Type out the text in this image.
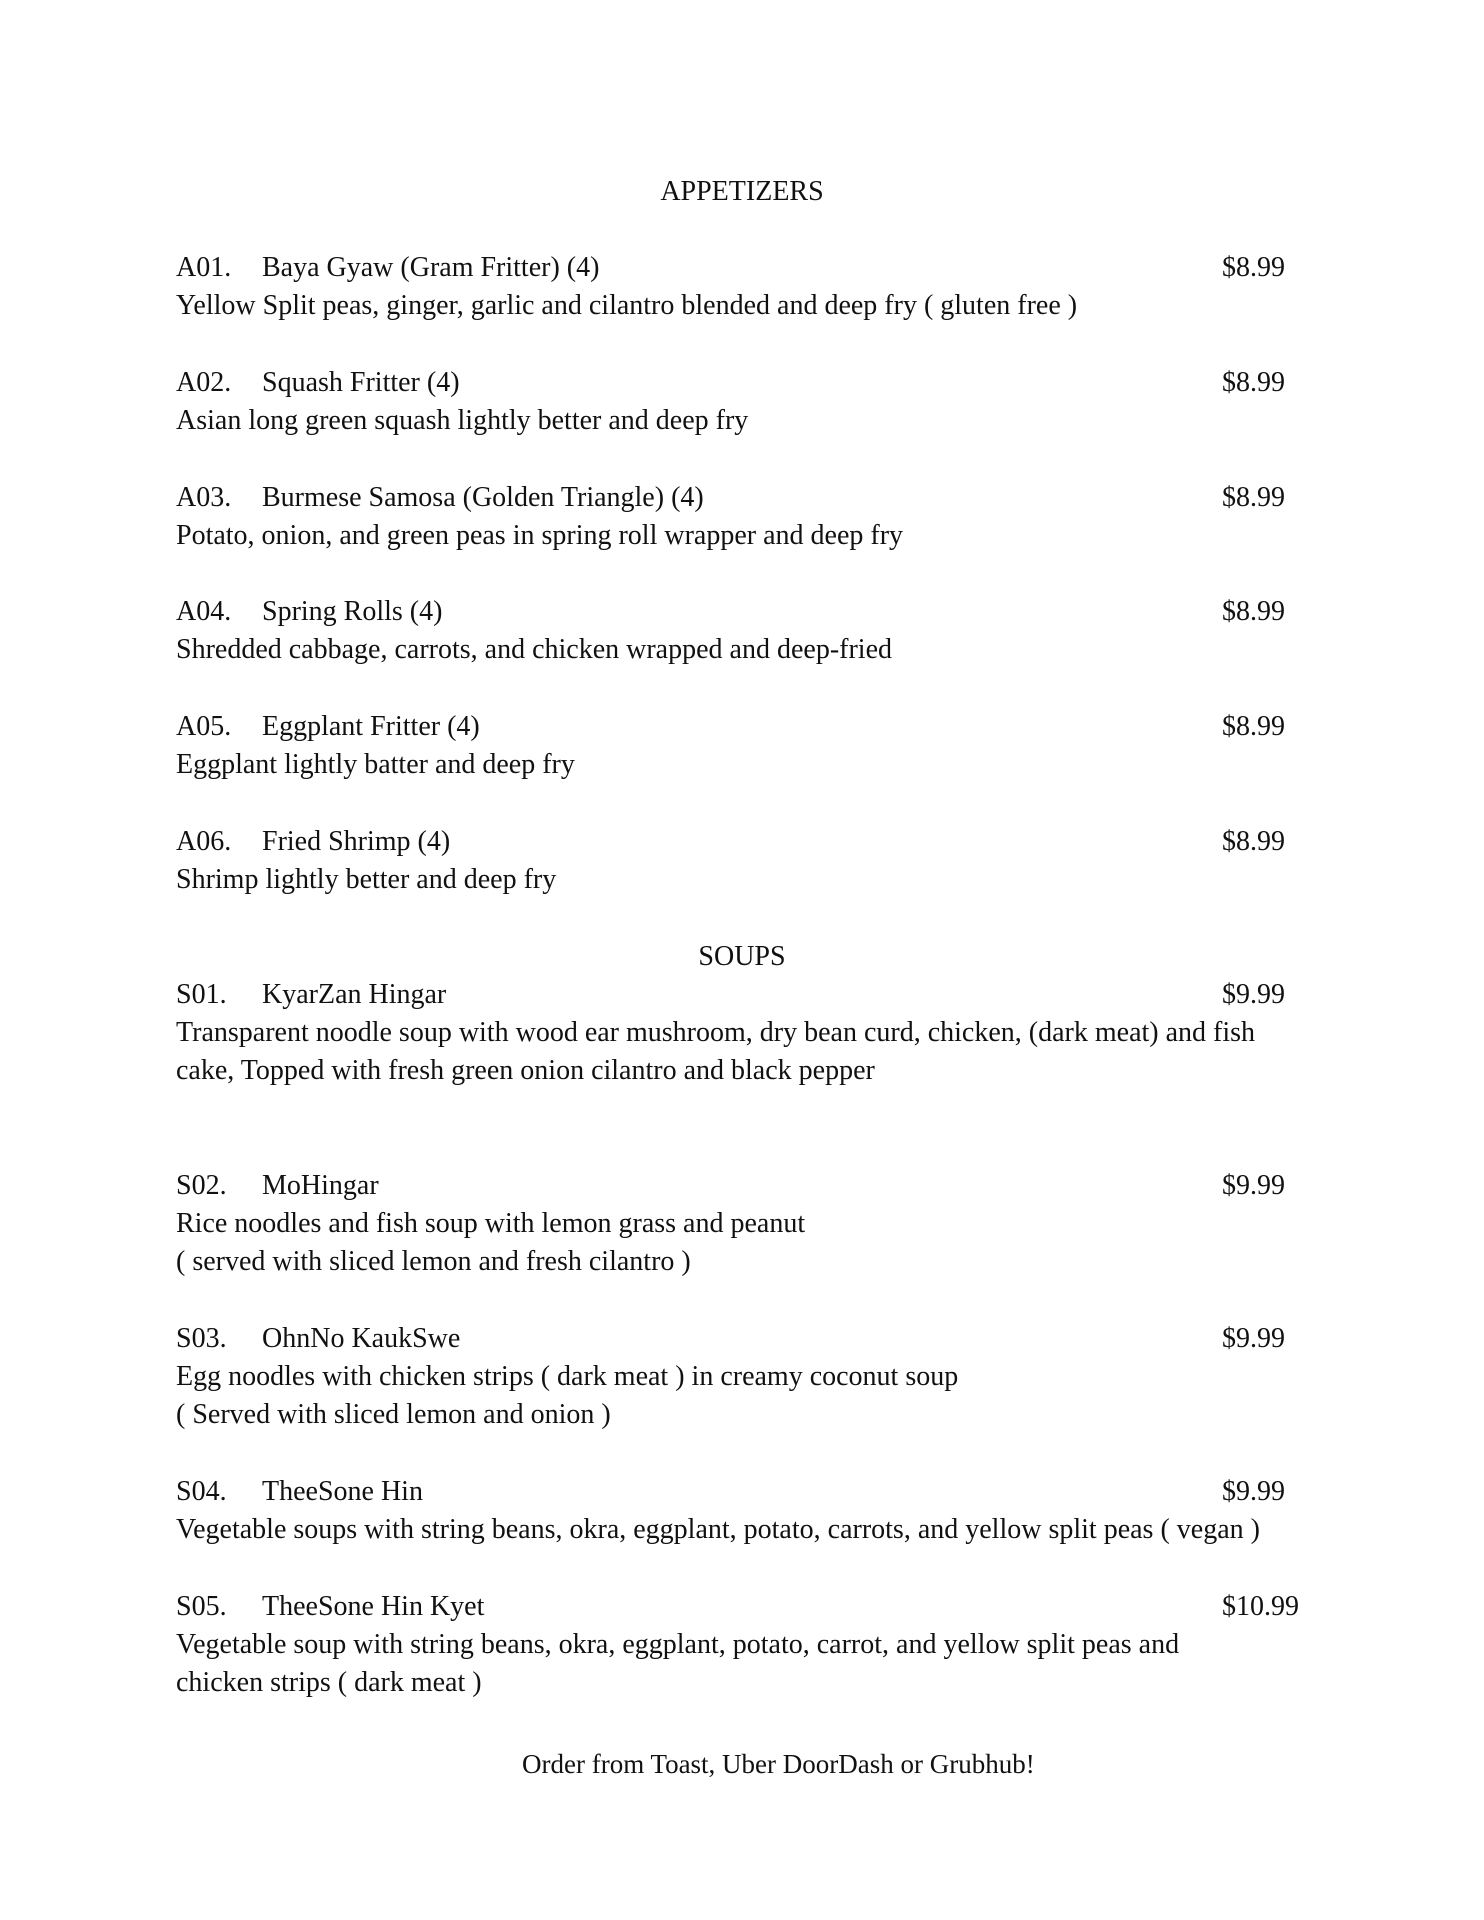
APPETIZERS
A01. Baya Gyaw (Gram Fritter) (4)	$8.99
Yellow Split peas, ginger, garlic and cilantro blended and deep fry ( gluten free )
A02. Squash Fritter (4)	$8.99
Asian long green squash lightly better and deep fry
A03. Burmese Samosa (Golden Triangle) (4)	$8.99
Potato, onion, and green peas in spring roll wrapper and deep fry
A04. Spring Rolls (4)	$8.99
Shredded cabbage, carrots, and chicken wrapped and deep-fried
A05. Eggplant Fritter (4)	$8.99
Eggplant lightly batter and deep fry
A06. Fried Shrimp (4)	$8.99
Shrimp lightly better and deep fry
SOUPS
S01. KyarZan Hingar	$9.99
Transparent noodle soup with wood ear mushroom, dry bean curd, chicken, (dark meat) and fish
cake, Topped with fresh green onion cilantro and black pepper
S02. MoHingar	$9.99
Rice noodles and fish soup with lemon grass and peanut
( served with sliced lemon and fresh cilantro )
S03. OhnNo KaukSwe	$9.99
Egg noodles with chicken strips ( dark meat ) in creamy coconut soup
( Served with sliced lemon and onion )
S04. TheeSone Hin	$9.99
Vegetable soups with string beans, okra, eggplant, potato, carrots, and yellow split peas ( vegan )
S05. TheeSone Hin Kyet	$10.99
Vegetable soup with string beans, okra, eggplant, potato, carrot, and yellow split peas and
chicken strips ( dark meat )
Order from Toast, Uber DoorDash or Grubhub!
